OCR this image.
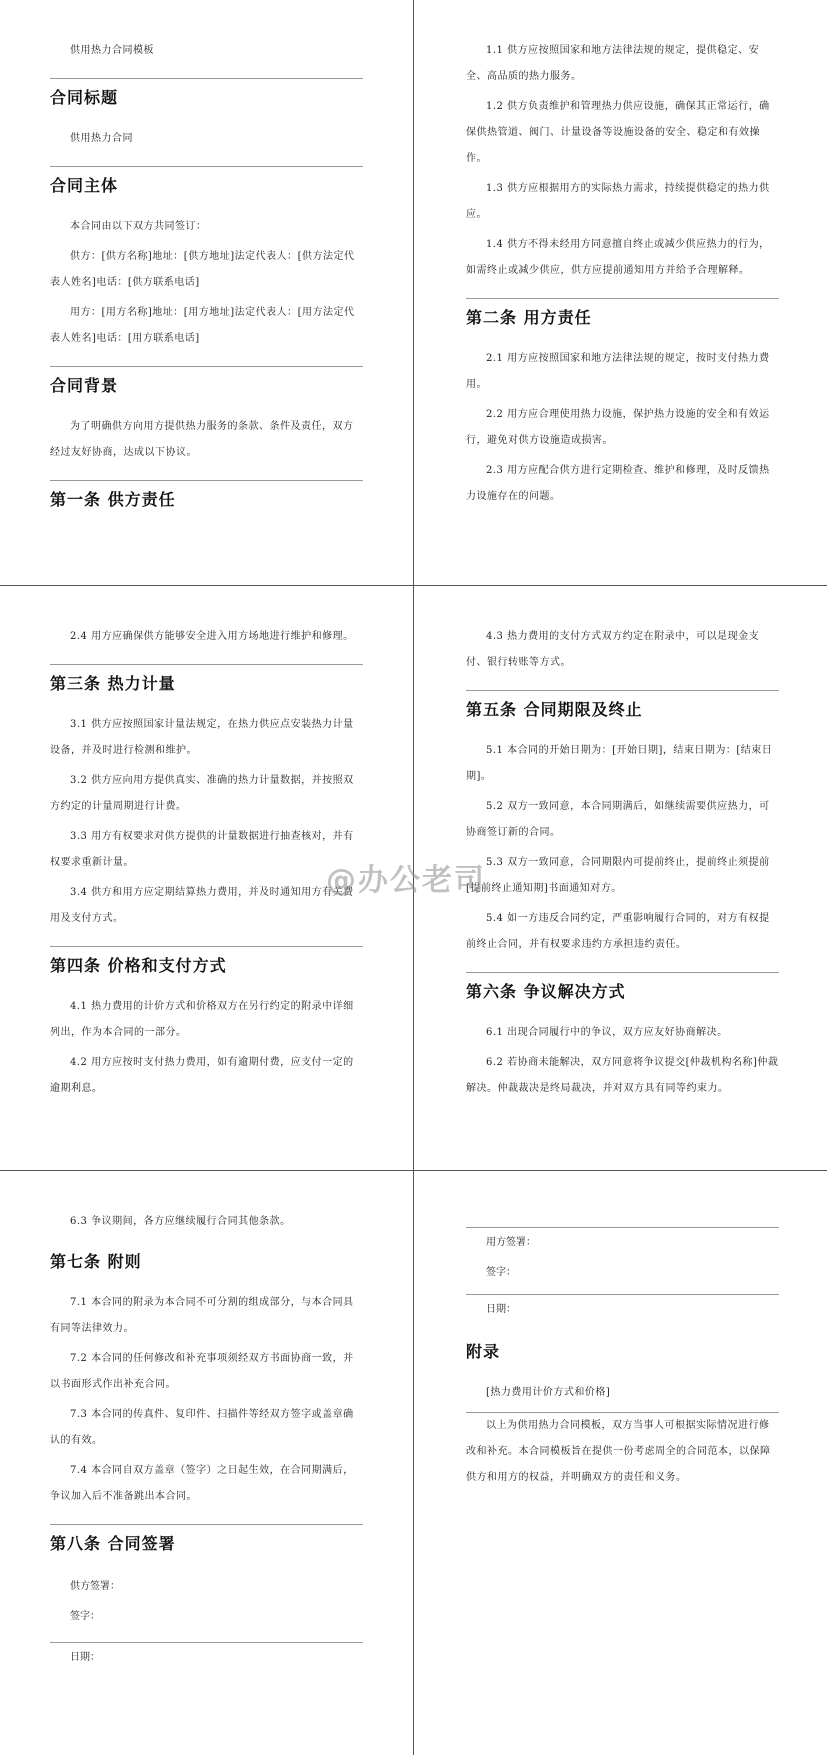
供用热力合同模板

合同标题

供用热力合同

合同主体

本合同由以下双方共同签订：

供方：[供方名称]地址：[供方地址]法定代表人：[供方法定代表人姓名]电话：[供方联系电话]

用方：[用方名称]地址：[用方地址]法定代表人：[用方法定代表人姓名]电话：[用方联系电话]

合同背景

为了明确供方向用方提供热力服务的条款、条件及责任，双方经过友好协商，达成以下协议。

第一条 供方责任

1.1 供方应按照国家和地方法律法规的规定，提供稳定、安全、高品质的热力服务。

1.2 供方负责维护和管理热力供应设施，确保其正常运行，确保供热管道、阀门、计量设备等设施设备的安全、稳定和有效操作。

1.3 供方应根据用方的实际热力需求，持续提供稳定的热力供应。

1.4 供方不得未经用方同意擅自终止或减少供应热力的行为，如需终止或减少供应，供方应提前通知用方并给予合理解释。

第二条 用方责任

2.1 用方应按照国家和地方法律法规的规定，按时支付热力费用。

2.2 用方应合理使用热力设施，保护热力设施的安全和有效运行，避免对供方设施造成损害。

2.3 用方应配合供方进行定期检查、维护和修理，及时反馈热力设施存在的问题。

2.4 用方应确保供方能够安全进入用方场地进行维护和修理。

第三条 热力计量

3.1 供方应按照国家计量法规定，在热力供应点安装热力计量设备，并及时进行检测和维护。

3.2 供方应向用方提供真实、准确的热力计量数据，并按照双方约定的计量周期进行计费。

3.3 用方有权要求对供方提供的计量数据进行抽查核对，并有权要求重新计量。

3.4 供方和用方应定期结算热力费用，并及时通知用方有关费用及支付方式。

第四条 价格和支付方式

4.1 热力费用的计价方式和价格双方在另行约定的附录中详细列出，作为本合同的一部分。

4.2 用方应按时支付热力费用，如有逾期付费，应支付一定的逾期利息。

4.3 热力费用的支付方式双方约定在附录中，可以是现金支付、银行转账等方式。

第五条 合同期限及终止

5.1 本合同的开始日期为：[开始日期]，结束日期为：[结束日期]。

5.2 双方一致同意，本合同期满后，如继续需要供应热力，可协商签订新的合同。

5.3 双方一致同意，合同期限内可提前终止，提前终止须提前[提前终止通知期]书面通知对方。

5.4 如一方违反合同约定，严重影响履行合同的，对方有权提前终止合同，并有权要求违约方承担违约责任。

第六条 争议解决方式

6.1 出现合同履行中的争议，双方应友好协商解决。

6.2 若协商未能解决，双方同意将争议提交[仲裁机构名称]仲裁解决。仲裁裁决是终局裁决，并对双方具有同等约束力。

6.3 争议期间，各方应继续履行合同其他条款。

第七条 附则

7.1 本合同的附录为本合同不可分割的组成部分，与本合同具有同等法律效力。

7.2 本合同的任何修改和补充事项须经双方书面协商一致，并以书面形式作出补充合同。

7.3 本合同的传真件、复印件、扫描件等经双方签字或盖章确认的有效。

7.4 本合同自双方盖章（签字）之日起生效，在合同期满后，争议加入后不准备跳出本合同。

第八条 合同签署

供方签署：

签字：

日期：

用方签署：

签字：

日期：

附录

[热力费用计价方式和价格]

以上为供用热力合同模板，双方当事人可根据实际情况进行修改和补充。本合同模板旨在提供一份考虑周全的合同范本，以保障供方和用方的权益，并明确双方的责任和义务。

@办公老司
